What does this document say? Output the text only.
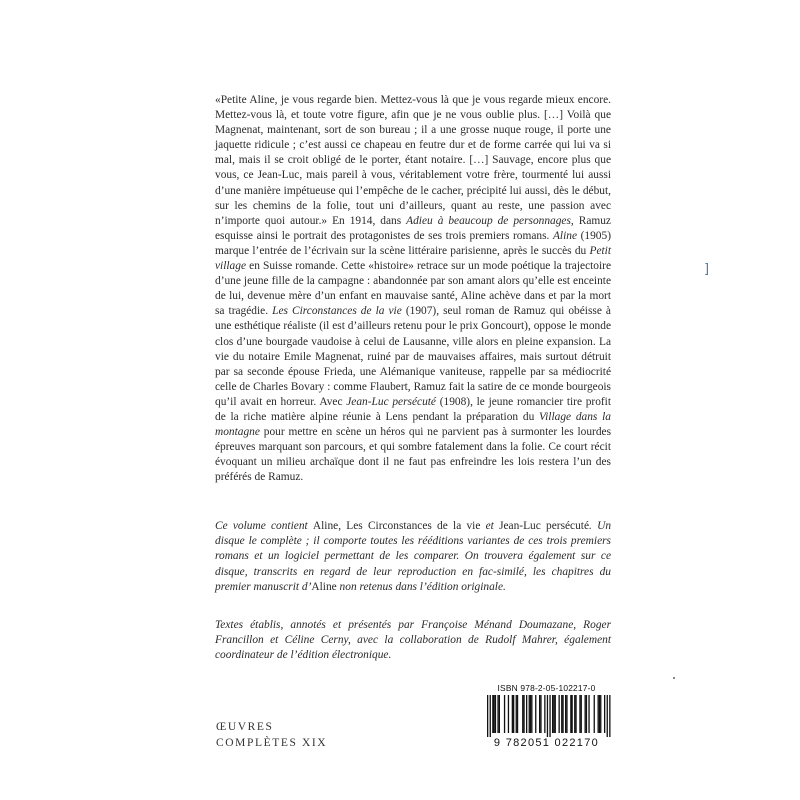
«Petite Aline, je vous regarde bien. Mettez-vous là que je vous regarde mieux encore. Mettez-vous là, et toute votre figure, afin que je ne vous oublie plus. […] Voilà que Magnenat, maintenant, sort de son bureau ; il a une grosse nuque rouge, il porte une jaquette ridicule ; c’est aussi ce chapeau en feutre dur et de forme carrée qui lui va si mal, mais il se croit obligé de le porter, étant notaire. […] Sauvage, encore plus que vous, ce Jean-Luc, mais pareil à vous, véritablement votre frère, tourmenté lui aussi d’une manière impétueuse qui l’empêche de le cacher, précipité lui aussi, dès le début, sur les chemins de la folie, tout uni d’ailleurs, quant au reste, une passion avec n’importe quoi autour.» En 1914, dans Adieu à beaucoup de personnages, Ramuz esquisse ainsi le portrait des protagonistes de ses trois premiers romans. Aline (1905) marque l’entrée de l’écrivain sur la scène littéraire parisienne, après le succès du Petit village en Suisse romande. Cette «histoire» retrace sur un mode poétique la trajectoire d’une jeune fille de la campagne : abandonnée par son amant alors qu’elle est enceinte de lui, devenue mère d’un enfant en mauvaise santé, Aline achève dans et par la mort sa tragédie. Les Circonstances de la vie (1907), seul roman de Ramuz qui obéisse à une esthétique réaliste (il est d’ailleurs retenu pour le prix Goncourt), oppose le monde clos d’une bourgade vaudoise à celui de Lausanne, ville alors en pleine expansion. La vie du notaire Emile Magnenat, ruiné par de mauvaises affaires, mais surtout détruit par sa seconde épouse Frieda, une Alémanique vaniteuse, rappelle par sa médiocrité celle de Charles Bovary : comme Flaubert, Ramuz fait la satire de ce monde bourgeois qu’il avait en horreur. Avec Jean-Luc persécuté (1908), le jeune romancier tire profit de la riche matière alpine réunie à Lens pendant la préparation du Village dans la montagne pour mettre en scène un héros qui ne parvient pas à surmonter les lourdes épreuves marquant son parcours, et qui sombre fatalement dans la folie. Ce court récit évoquant un milieu archaïque dont il ne faut pas enfreindre les lois restera l’un des préférés de Ramuz.

]

Ce volume contient Aline, Les Circonstances de la vie et Jean-Luc persécuté. Un disque le complète ; il comporte toutes les rééditions variantes de ces trois premiers romans et un logiciel permettant de les comparer. On trouvera également sur ce disque, transcrits en regard de leur reproduction en fac-similé, les chapitres du premier manuscrit d’Aline non retenus dans l’édition originale.

Textes établis, annotés et présentés par Françoise Ménand Doumazane, Roger Francillon et Céline Cerny, avec la collaboration de Rudolf Mahrer, également coordinateur de l’édition électronique.

ŒUVRES
COMPLÈTES XIX
ISBN 978-2-05-102217-0
9 782051 022170
